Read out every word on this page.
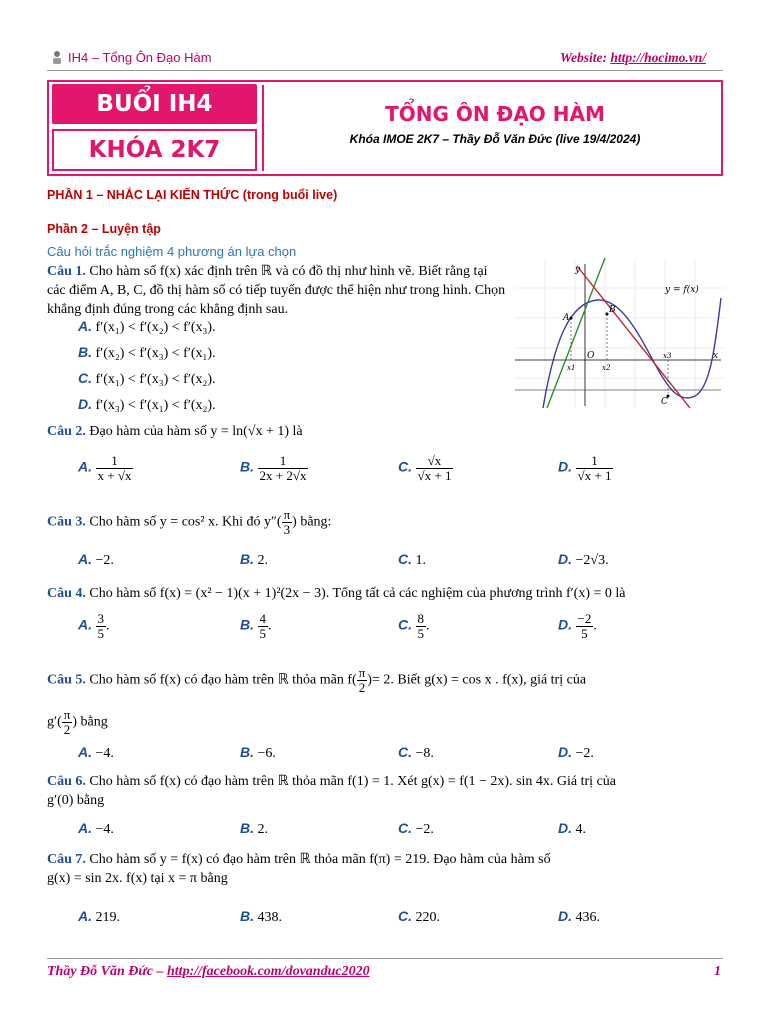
IH4 – Tổng Ôn Đạo Hàm	Website: http://hocimo.vn/
BUỔI IH4
KHÓA 2K7
TỔNG ÔN ĐẠO HÀM
Khóa IMOE 2K7 – Thầy Đỗ Văn Đức (live 19/4/2024)
PHẦN 1 – NHẮC LẠI KIẾN THỨC (trong buổi live)
Phần 2 – Luyện tập
Câu hỏi trắc nghiệm 4 phương án lựa chọn
Câu 1. Cho hàm số f(x) xác định trên ℝ và có đồ thị như hình vẽ. Biết rằng tại các điểm A, B, C, đồ thị hàm số có tiếp tuyến được thể hiện như trong hình. Chọn khẳng định đúng trong các khẳng định sau.
A. f′(x₁) < f′(x₂) < f′(x₃).
B. f′(x₂) < f′(x₃) < f′(x₁).
C. f′(x₁) < f′(x₃) < f′(x₂).
D. f′(x₃) < f′(x₁) < f′(x₂).
y = f(x)
y
x
O
A
B
C
x1	x2
x3
Câu 2. Đạo hàm của hàm số y = ln(√x + 1) là
A. $\frac{1}{x + √x}$	B. $\frac{1}{2x + 2√x}$	C. $\frac{√x}{√x + 1}$	D. $\frac{1}{√x + 1}$
Câu 3. Cho hàm số y = cos² x. Khi đó $y''( \frac{\pi}{3}$ ) bằng:
A. −2.	B. 2.	C. 1.	D. −2√3.
Câu 4. Cho hàm số f(x) = (x² − 1)(x + 1)²(2x − 3). Tổng tất cả các nghiệm của phương trình f′(x) = 0 là
A. $\frac{3}{5}$ .	B. $\frac{4}{5}$ .	C. $\frac{8}{5}$ .	D. $\frac{-2}{5}$ .
Câu 5. Cho hàm số f(x) có đạo hàm trên ℝ thỏa mãn $f( \frac{\pi}{2}$ )= 2. Biết g(x) = cos x . f(x), giá trị của
$g'( \frac{\pi}{2}$ ) bằng
A. −4.	B. −6.	C. −8.	D. −2.
Câu 6. Cho hàm số f(x) có đạo hàm trên ℝ thỏa mãn f(1) = 1. Xét g(x) = f(1 − 2x). sin 4x. Giá trị của
g′(0) bằng
A. −4.	B. 2.	C. −2.	D. 4.
Câu 7. Cho hàm số y = f(x) có đạo hàm trên ℝ thỏa mãn f(π) = 219. Đạo hàm của hàm số
g(x) = sin 2x. f(x) tại x = π bằng
A. 219.	B. 438.	C. 220.	D. 436.
Thầy Đỗ Văn Đức – http://facebook.com/dovanduc2020	1
